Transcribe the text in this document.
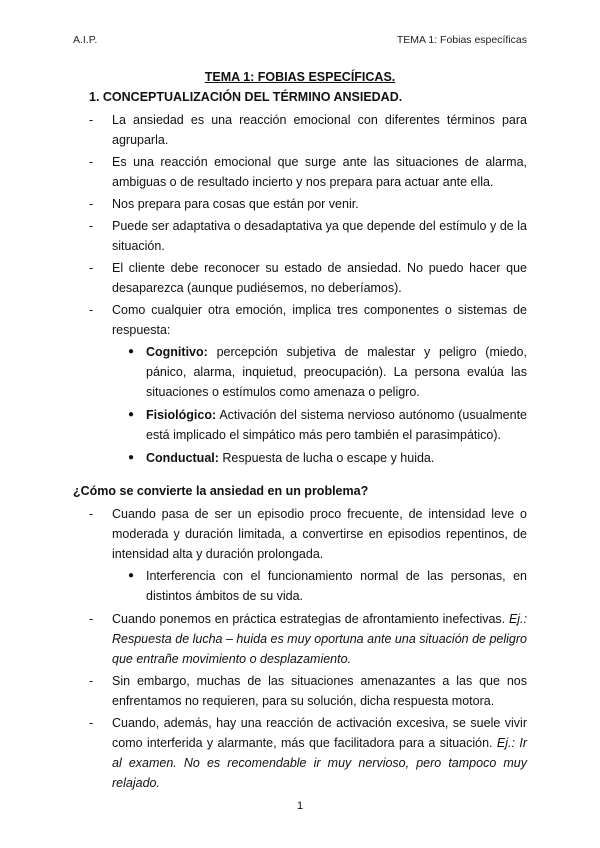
A.I.P.	TEMA 1: Fobias específicas
TEMA 1: FOBIAS ESPECÍFICAS.
1. CONCEPTUALIZACIÓN DEL TÉRMINO ANSIEDAD.
- La ansiedad es una reacción emocional con diferentes términos para agruparla.
- Es una reacción emocional que surge ante las situaciones de alarma, ambiguas o de resultado incierto y nos prepara para actuar ante ella.
- Nos prepara para cosas que están por venir.
- Puede ser adaptativa o desadaptativa ya que depende del estímulo y de la situación.
- El cliente debe reconocer su estado de ansiedad. No puedo hacer que desaparezca (aunque pudiésemos, no deberíamos).
- Como cualquier otra emoción, implica tres componentes o sistemas de respuesta:
● Cognitivo: percepción subjetiva de malestar y peligro (miedo, pánico, alarma, inquietud, preocupación). La persona evalúa las situaciones o estímulos como amenaza o peligro.
● Fisiológico: Activación del sistema nervioso autónomo (usualmente está implicado el simpático más pero también el parasimpático).
● Conductual: Respuesta de lucha o escape y huida.
¿Cómo se convierte la ansiedad en un problema?
- Cuando pasa de ser un episodio proco frecuente, de intensidad leve o moderada y duración limitada, a convertirse en episodios repentinos, de intensidad alta y duración prolongada.
● Interferencia con el funcionamiento normal de las personas, en distintos ámbitos de su vida.
- Cuando ponemos en práctica estrategias de afrontamiento inefectivas. Ej.: Respuesta de lucha – huida es muy oportuna ante una situación de peligro que entrañe movimiento o desplazamiento.
- Sin embargo, muchas de las situaciones amenazantes a las que nos enfrentamos no requieren, para su solución, dicha respuesta motora.
- Cuando, además, hay una reacción de activación excesiva, se suele vivir como interferida y alarmante, más que facilitadora para a situación. Ej.: Ir al examen. No es recomendable ir muy nervioso, pero tampoco muy relajado.
1
